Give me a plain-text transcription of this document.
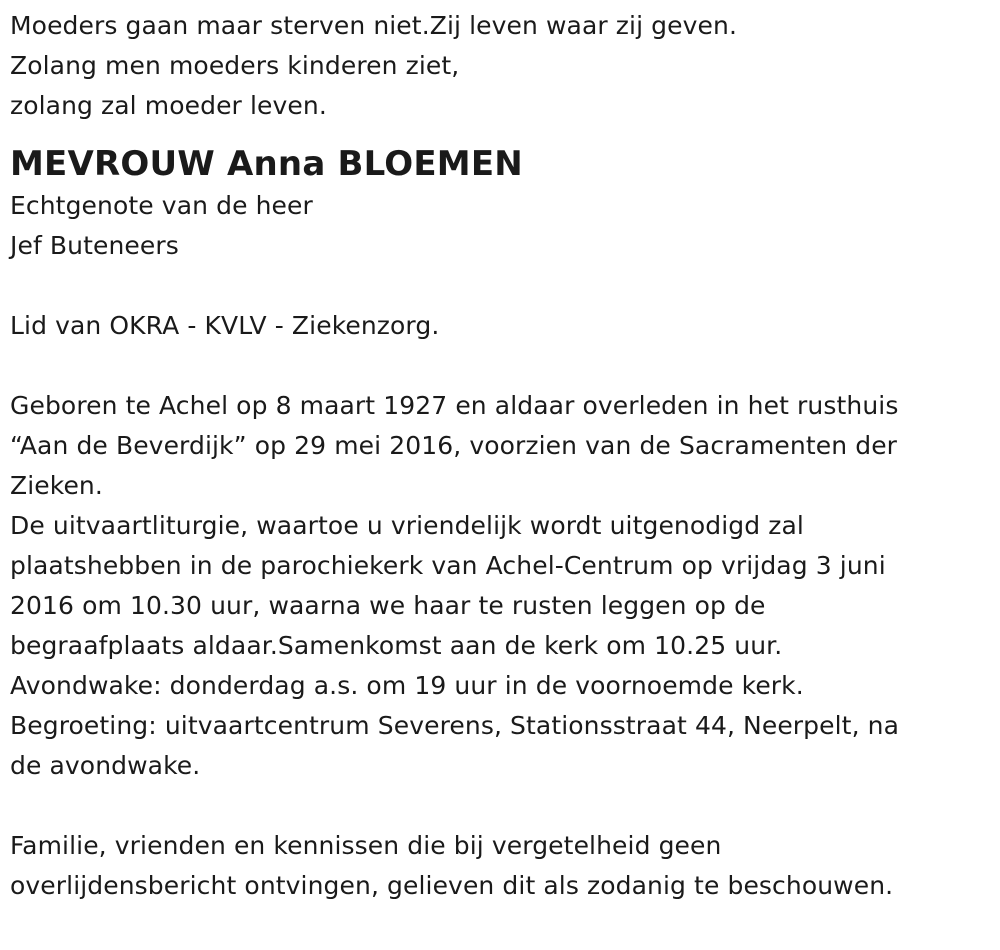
Moeders gaan maar sterven niet.Zij leven waar zij geven.
Zolang men moeders kinderen ziet,
zolang zal moeder leven.
MEVROUW Anna BLOEMEN
Echtgenote van de heer
Jef Buteneers
Lid van OKRA - KVLV - Ziekenzorg.
Geboren te Achel op 8 maart 1927 en aldaar overleden in het rusthuis
“Aan de Beverdijk” op 29 mei 2016, voorzien van de Sacramenten der
Zieken.
De uitvaartliturgie, waartoe u vriendelijk wordt uitgenodigd zal
plaatshebben in de parochiekerk van Achel-Centrum op vrijdag 3 juni
2016 om 10.30 uur, waarna we haar te rusten leggen op de
begraafplaats aldaar.Samenkomst aan de kerk om 10.25 uur.
Avondwake: donderdag a.s. om 19 uur in de voornoemde kerk.
Begroeting: uitvaartcentrum Severens, Stationsstraat 44, Neerpelt, na
de avondwake.
Familie, vrienden en kennissen die bij vergetelheid geen
overlijdensbericht ontvingen, gelieven dit als zodanig te beschouwen.
